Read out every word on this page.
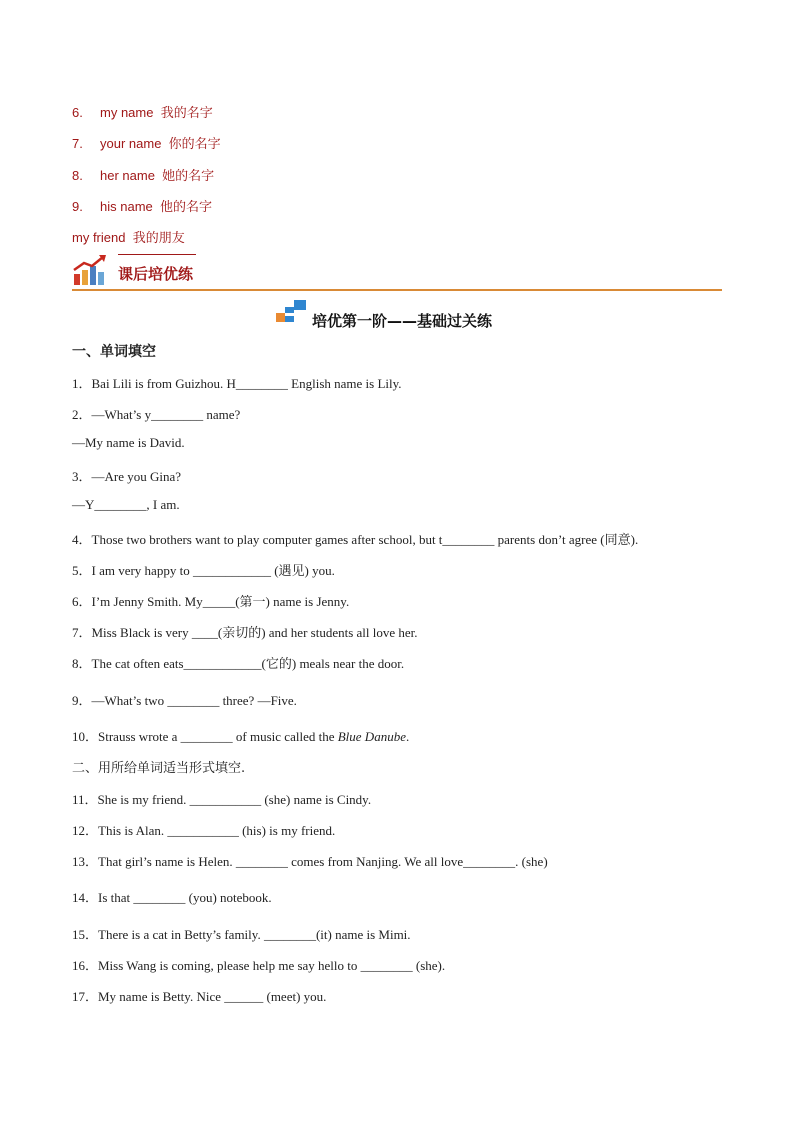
6. my name 我的名字
7. your name 你的名字
8. her name 她的名字
9. his name 他的名字
my friend 我的朋友
课后培优练
培优第一阶——基础过关练
一、单词填空
1．Bai Lili is from Guizhou. H________ English name is Lily.
2．—What’s y________ name?
—My name is David.
3．—Are you Gina?
—Y________, I am.
4．Those two brothers want to play computer games after school, but t________ parents don’t agree (同意).
5．I am very happy to ____________ (遇见) you.
6．I’m Jenny Smith. My_____(第一) name is Jenny.
7．Miss Black is very ____(亲切的) and her students all love her.
8．The cat often eats____________(它的) meals near the door.
9．—What’s two ________ three? —Five.
10．Strauss wrote a ________ of music called the Blue Danube.
二、用所给单词适当形式填空.
11．She is my friend. ___________ (she) name is Cindy.
12．This is Alan. ___________ (his) is my friend.
13．That girl’s name is Helen. ________ comes from Nanjing. We all love________. (she)
14．Is that ________ (you) notebook.
15．There is a cat in Betty’s family. ________(it) name is Mimi.
16．Miss Wang is coming, please help me say hello to ________ (she).
17．My name is Betty. Nice ______ (meet) you.
